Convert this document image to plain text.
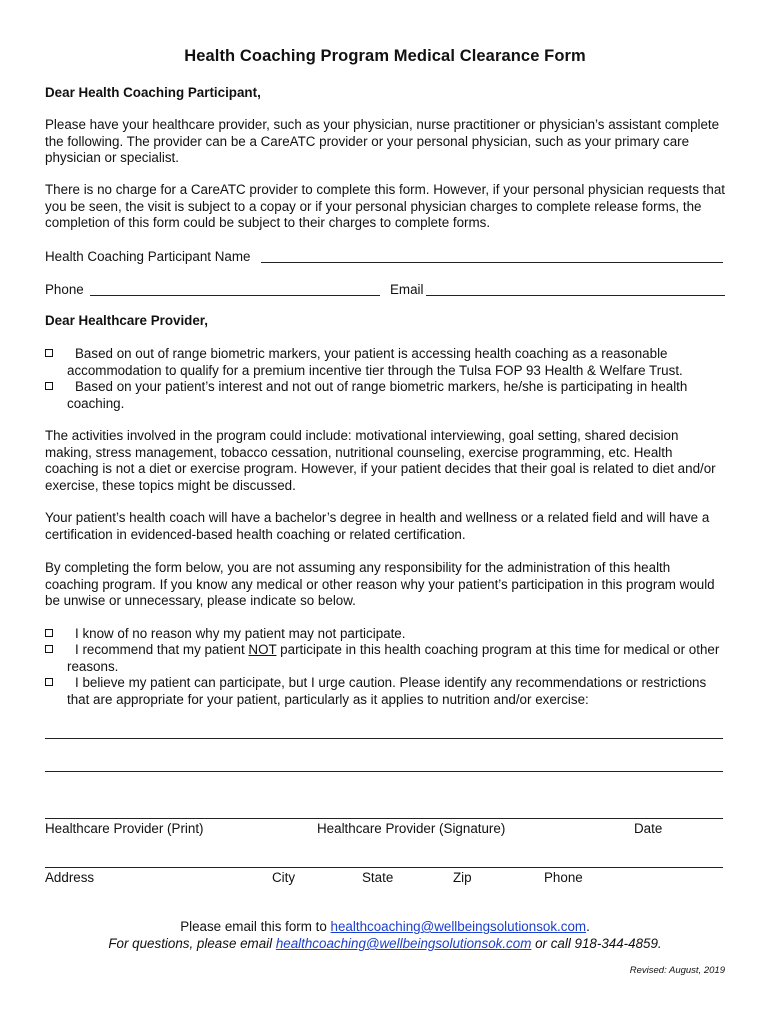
Health Coaching Program Medical Clearance Form
Dear Health Coaching Participant,
Please have your healthcare provider, such as your physician, nurse practitioner or physician’s assistant complete the following. The provider can be a CareATC provider or your personal physician, such as your primary care physician or specialist.
There is no charge for a CareATC provider to complete this form. However, if your personal physician requests that you be seen, the visit is subject to a copay or if your personal physician charges to complete release forms, the completion of this form could be subject to their charges to complete forms.
Health Coaching Participant Name
Phone	Email
Dear Healthcare Provider,
Based on out of range biometric markers, your patient is accessing health coaching as a reasonable accommodation to qualify for a premium incentive tier through the Tulsa FOP 93 Health & Welfare Trust.
Based on your patient’s interest and not out of range biometric markers, he/she is participating in health coaching.
The activities involved in the program could include: motivational interviewing, goal setting, shared decision making, stress management, tobacco cessation, nutritional counseling, exercise programming, etc. Health coaching is not a diet or exercise program. However, if your patient decides that their goal is related to diet and/or exercise, these topics might be discussed.
Your patient’s health coach will have a bachelor’s degree in health and wellness or a related field and will have a certification in evidenced-based health coaching or related certification.
By completing the form below, you are not assuming any responsibility for the administration of this health coaching program. If you know any medical or other reason why your patient’s participation in this program would be unwise or unnecessary, please indicate so below.
I know of no reason why my patient may not participate.
I recommend that my patient NOT participate in this health coaching program at this time for medical or other reasons.
I believe my patient can participate, but I urge caution. Please identify any recommendations or restrictions that are appropriate for your patient, particularly as it applies to nutrition and/or exercise:
Healthcare Provider (Print)	Healthcare Provider (Signature)	Date
Address	City	State	Zip	Phone
Please email this form to healthcoaching@wellbeingsolutionsok.com.
For questions, please email healthcoaching@wellbeingsolutionsok.com or call 918-344-4859.
Revised: August, 2019
